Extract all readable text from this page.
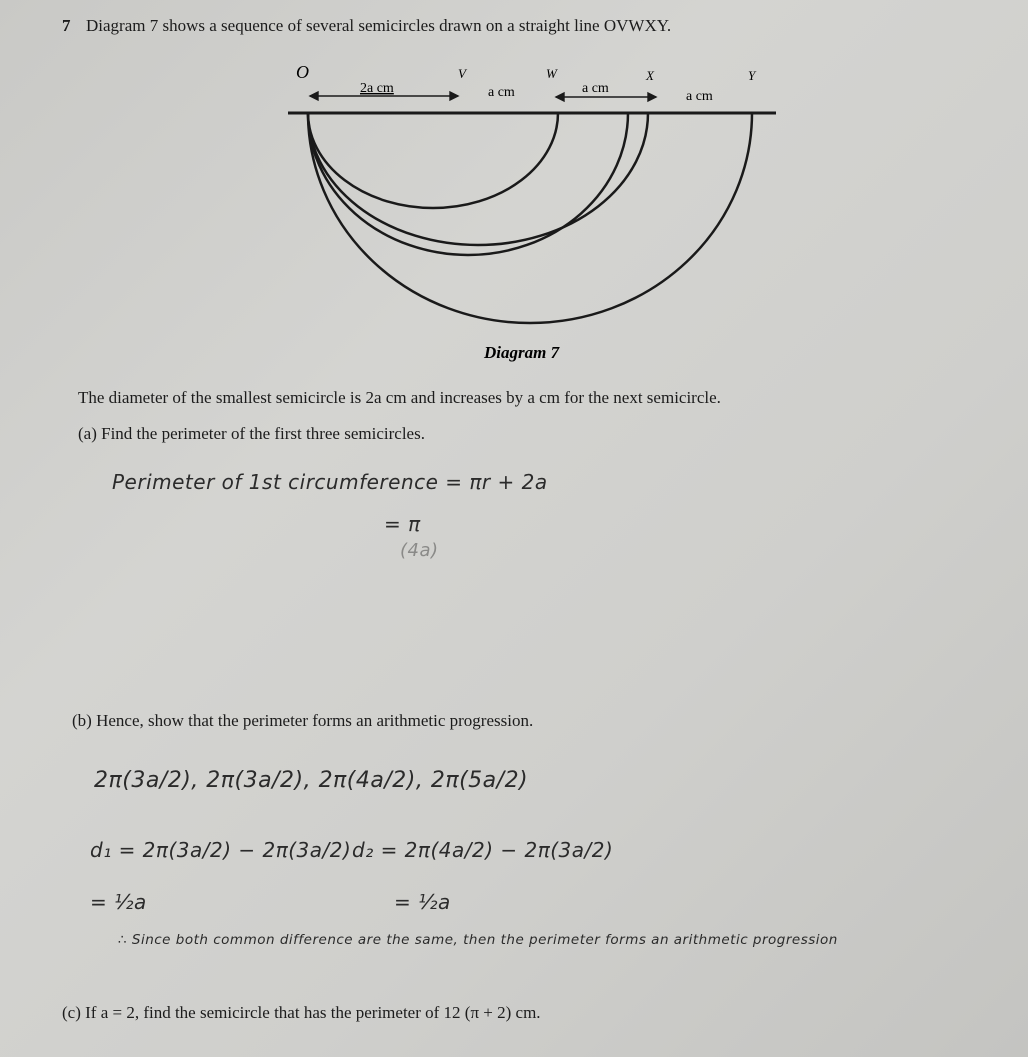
7 Diagram 7 shows a sequence of several semicircles drawn on a straight line OVWXY.
O	V	W	X	Y
2a cm	a cm	a cm
a cm
Diagram 7
The diameter of the smallest semicircle is 2a cm and increases by a cm for the next semicircle.
(a) Find the perimeter of the first three semicircles.
Perimeter of 1st circumference = πr + 2a
= π
(4a)
(b) Hence, show that the perimeter forms an arithmetic progression.
2π(3a/2), 2π(3a/2), 2π(4a/2), 2π(5a/2)
d₁ = 2π(3a/2) − 2π(3a/2) d₂ = 2π(4a/2) − 2π(3a/2)
= ½a	= ½a
∴ Since both common difference are the same, then the perimeter forms an arithmetic progression
(c) If a = 2, find the semicircle that has the perimeter of 12 (π + 2) cm.
